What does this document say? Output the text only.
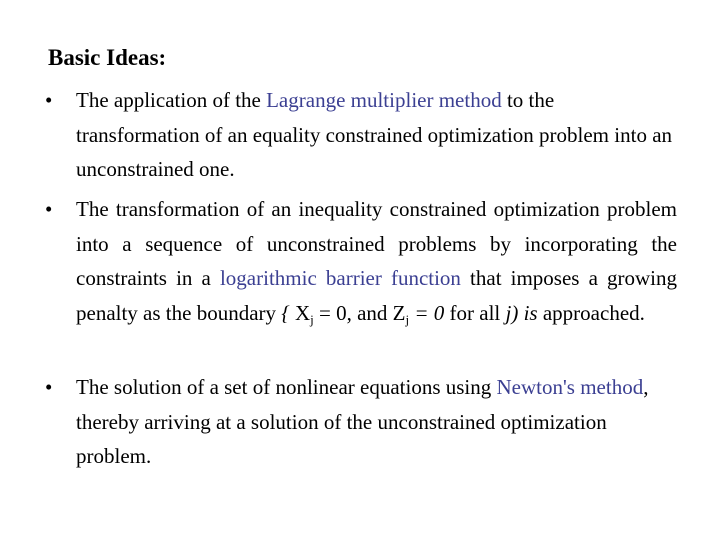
Basic Ideas:
•	The application of the Lagrange multiplier method to the transformation of an equality constrained optimization problem into an unconstrained one.
•	The transformation of an inequality constrained optimization problem into a sequence of unconstrained problems by incorporating the constraints in a logarithmic barrier function that imposes a growing penalty as the boundary { $X_j = 0$, and $Z_j = 0$ for all j) is approached.
•	The solution of a set of nonlinear equations using Newton's method, thereby arriving at a solution of the unconstrained optimization problem.
